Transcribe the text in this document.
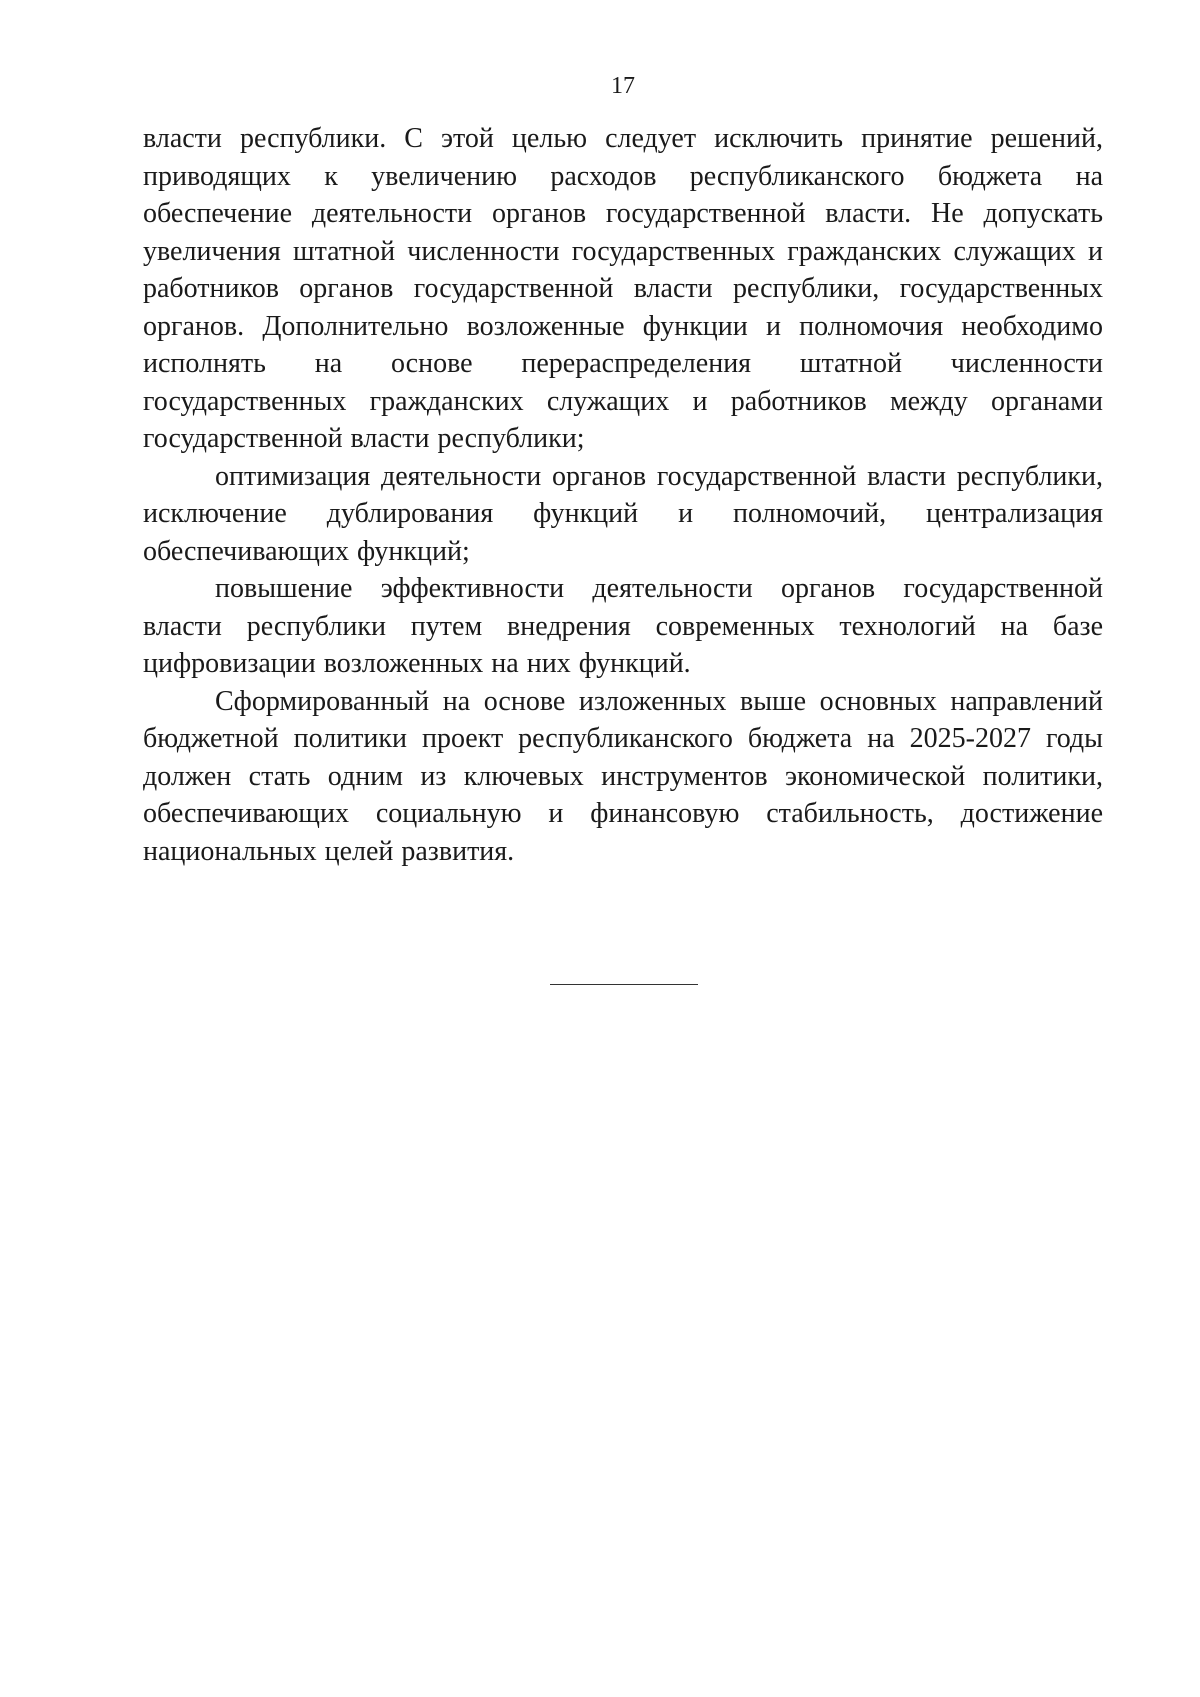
17

власти республики. С этой целью следует исключить принятие решений, приводящих к увеличению расходов республиканского бюджета на обеспечение деятельности органов государственной власти. Не допускать увеличения штатной численности государственных гражданских служащих и работников органов государственной власти республики, государственных органов. Дополнительно возложенные функции и полномочия необходимо исполнять на основе перераспределения штатной численности государственных гражданских служащих и работников между органами государственной власти республики;

оптимизация деятельности органов государственной власти республики, исключение дублирования функций и полномочий, централизация обеспечивающих функций;

повышение эффективности деятельности органов государственной власти республики путем внедрения современных технологий на базе цифровизации возложенных на них функций.

Сформированный на основе изложенных выше основных направлений бюджетной политики проект республиканского бюджета на 2025-2027 годы должен стать одним из ключевых инструментов экономической политики, обеспечивающих социальную и финансовую стабильность, достижение национальных целей развития.
